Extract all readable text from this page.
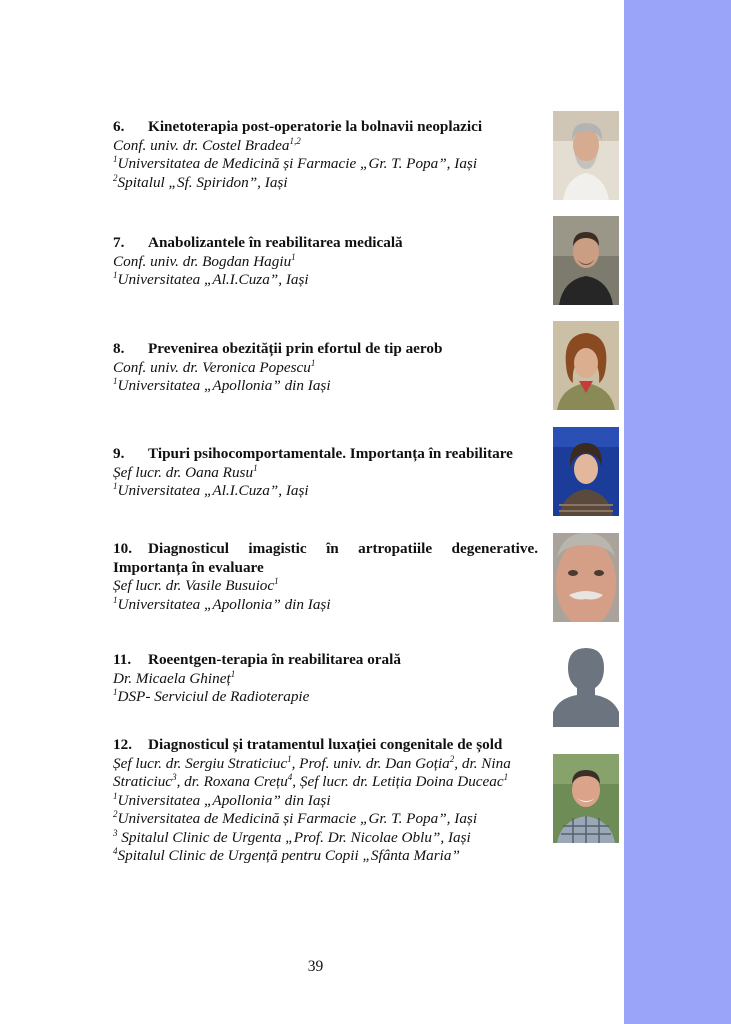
6. Kinetoterapia post-operatorie la bolnavii neoplazici
Conf. univ. dr. Costel Bradea$^{1,2}$
$^1$Universitatea de Medicină și Farmacie „Gr. T. Popa”, Iași
$^2$Spitalul „Sf. Spiridon”, Iași
7. Anabolizantele în reabilitarea medicală
Conf. univ. dr. Bogdan Hagiu$^1$
$^1$Universitatea „Al.I.Cuza”, Iași
8. Prevenirea obezității prin efortul de tip aerob
Conf. univ. dr. Veronica Popescu$^1$
$^1$Universitatea „Apollonia” din Iași
9. Tipuri psihocomportamentale. Importanța în reabilitare
Șef lucr. dr. Oana Rusu$^1$
$^1$Universitatea „Al.I.Cuza”, Iași
10. Diagnosticul imagistic în artropatiile degenerative. Importanța în evaluare
Șef lucr. dr. Vasile Busuioc$^1$
$^1$Universitatea „Apollonia” din Iași
11. Roeentgen-terapia în reabilitarea orală
Dr. Micaela Ghineț$^1$
$^1$DSP- Serviciul de Radioterapie
12. Diagnosticul și tratamentul luxației congenitale de șold
Șef lucr. dr. Sergiu Straticiuc$^1$, Prof. univ. dr. Dan Goția$^2$, dr. Nina Straticiuc$^3$, dr. Roxana Crețu$^4$, Șef lucr. dr. Letiția Doina Duceac$^1$
$^1$Universitatea „Apollonia” din Iași
$^2$Universitatea de Medicină și Farmacie „Gr. T. Popa”, Iași
$^3$ Spitalul Clinic de Urgenta „Prof. Dr. Nicolae Oblu”, Iași
$^4$Spitalul Clinic de Urgență pentru Copii „Sfânta Maria”
39
